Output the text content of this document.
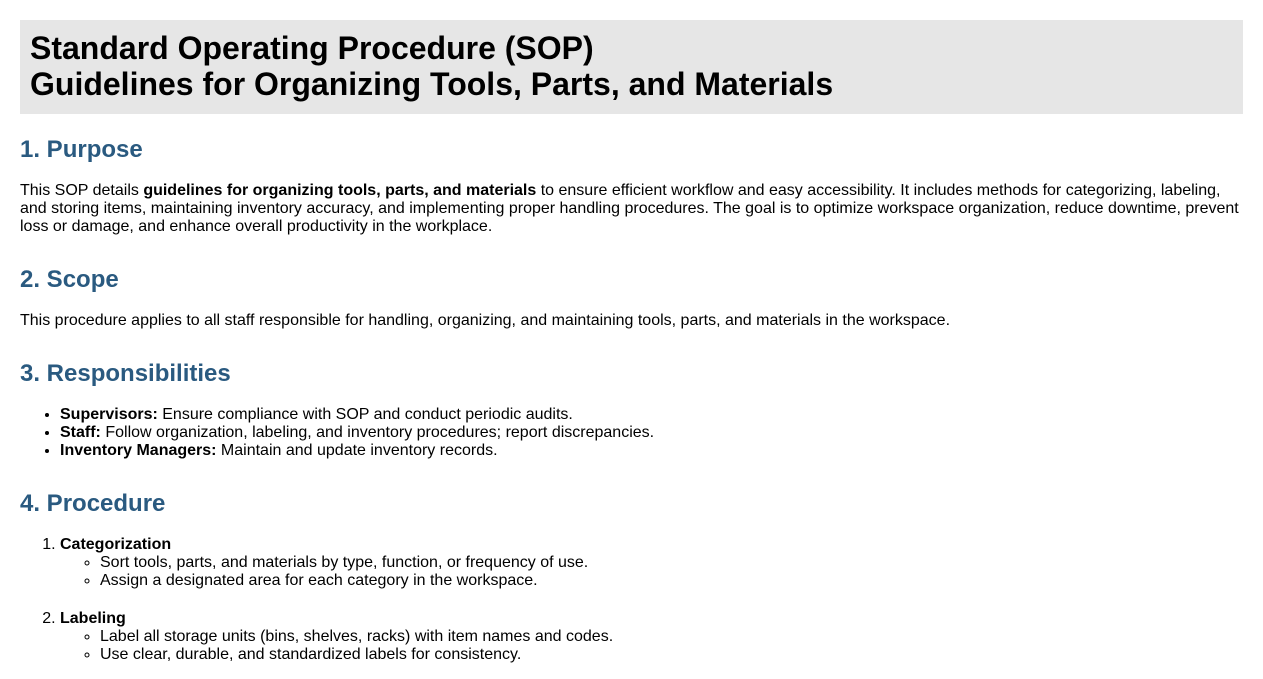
Standard Operating Procedure (SOP)
Guidelines for Organizing Tools, Parts, and Materials
1. Purpose

This SOP details guidelines for organizing tools, parts, and materials to ensure efficient workflow and easy accessibility. It includes methods for categorizing, labeling, and storing items, maintaining inventory accuracy, and implementing proper handling procedures. The goal is to optimize workspace organization, reduce downtime, prevent loss or damage, and enhance overall productivity in the workplace.

2. Scope

This procedure applies to all staff responsible for handling, organizing, and maintaining tools, parts, and materials in the workspace.

3. Responsibilities
• Supervisors: Ensure compliance with SOP and conduct periodic audits.
• Staff: Follow organization, labeling, and inventory procedures; report discrepancies.
• Inventory Managers: Maintain and update inventory records.
4. Procedure
1. Categorization
◦ Sort tools, parts, and materials by type, function, or frequency of use.
◦ Assign a designated area for each category in the workspace.
2. Labeling
◦ Label all storage units (bins, shelves, racks) with item names and codes.
◦ Use clear, durable, and standardized labels for consistency.
